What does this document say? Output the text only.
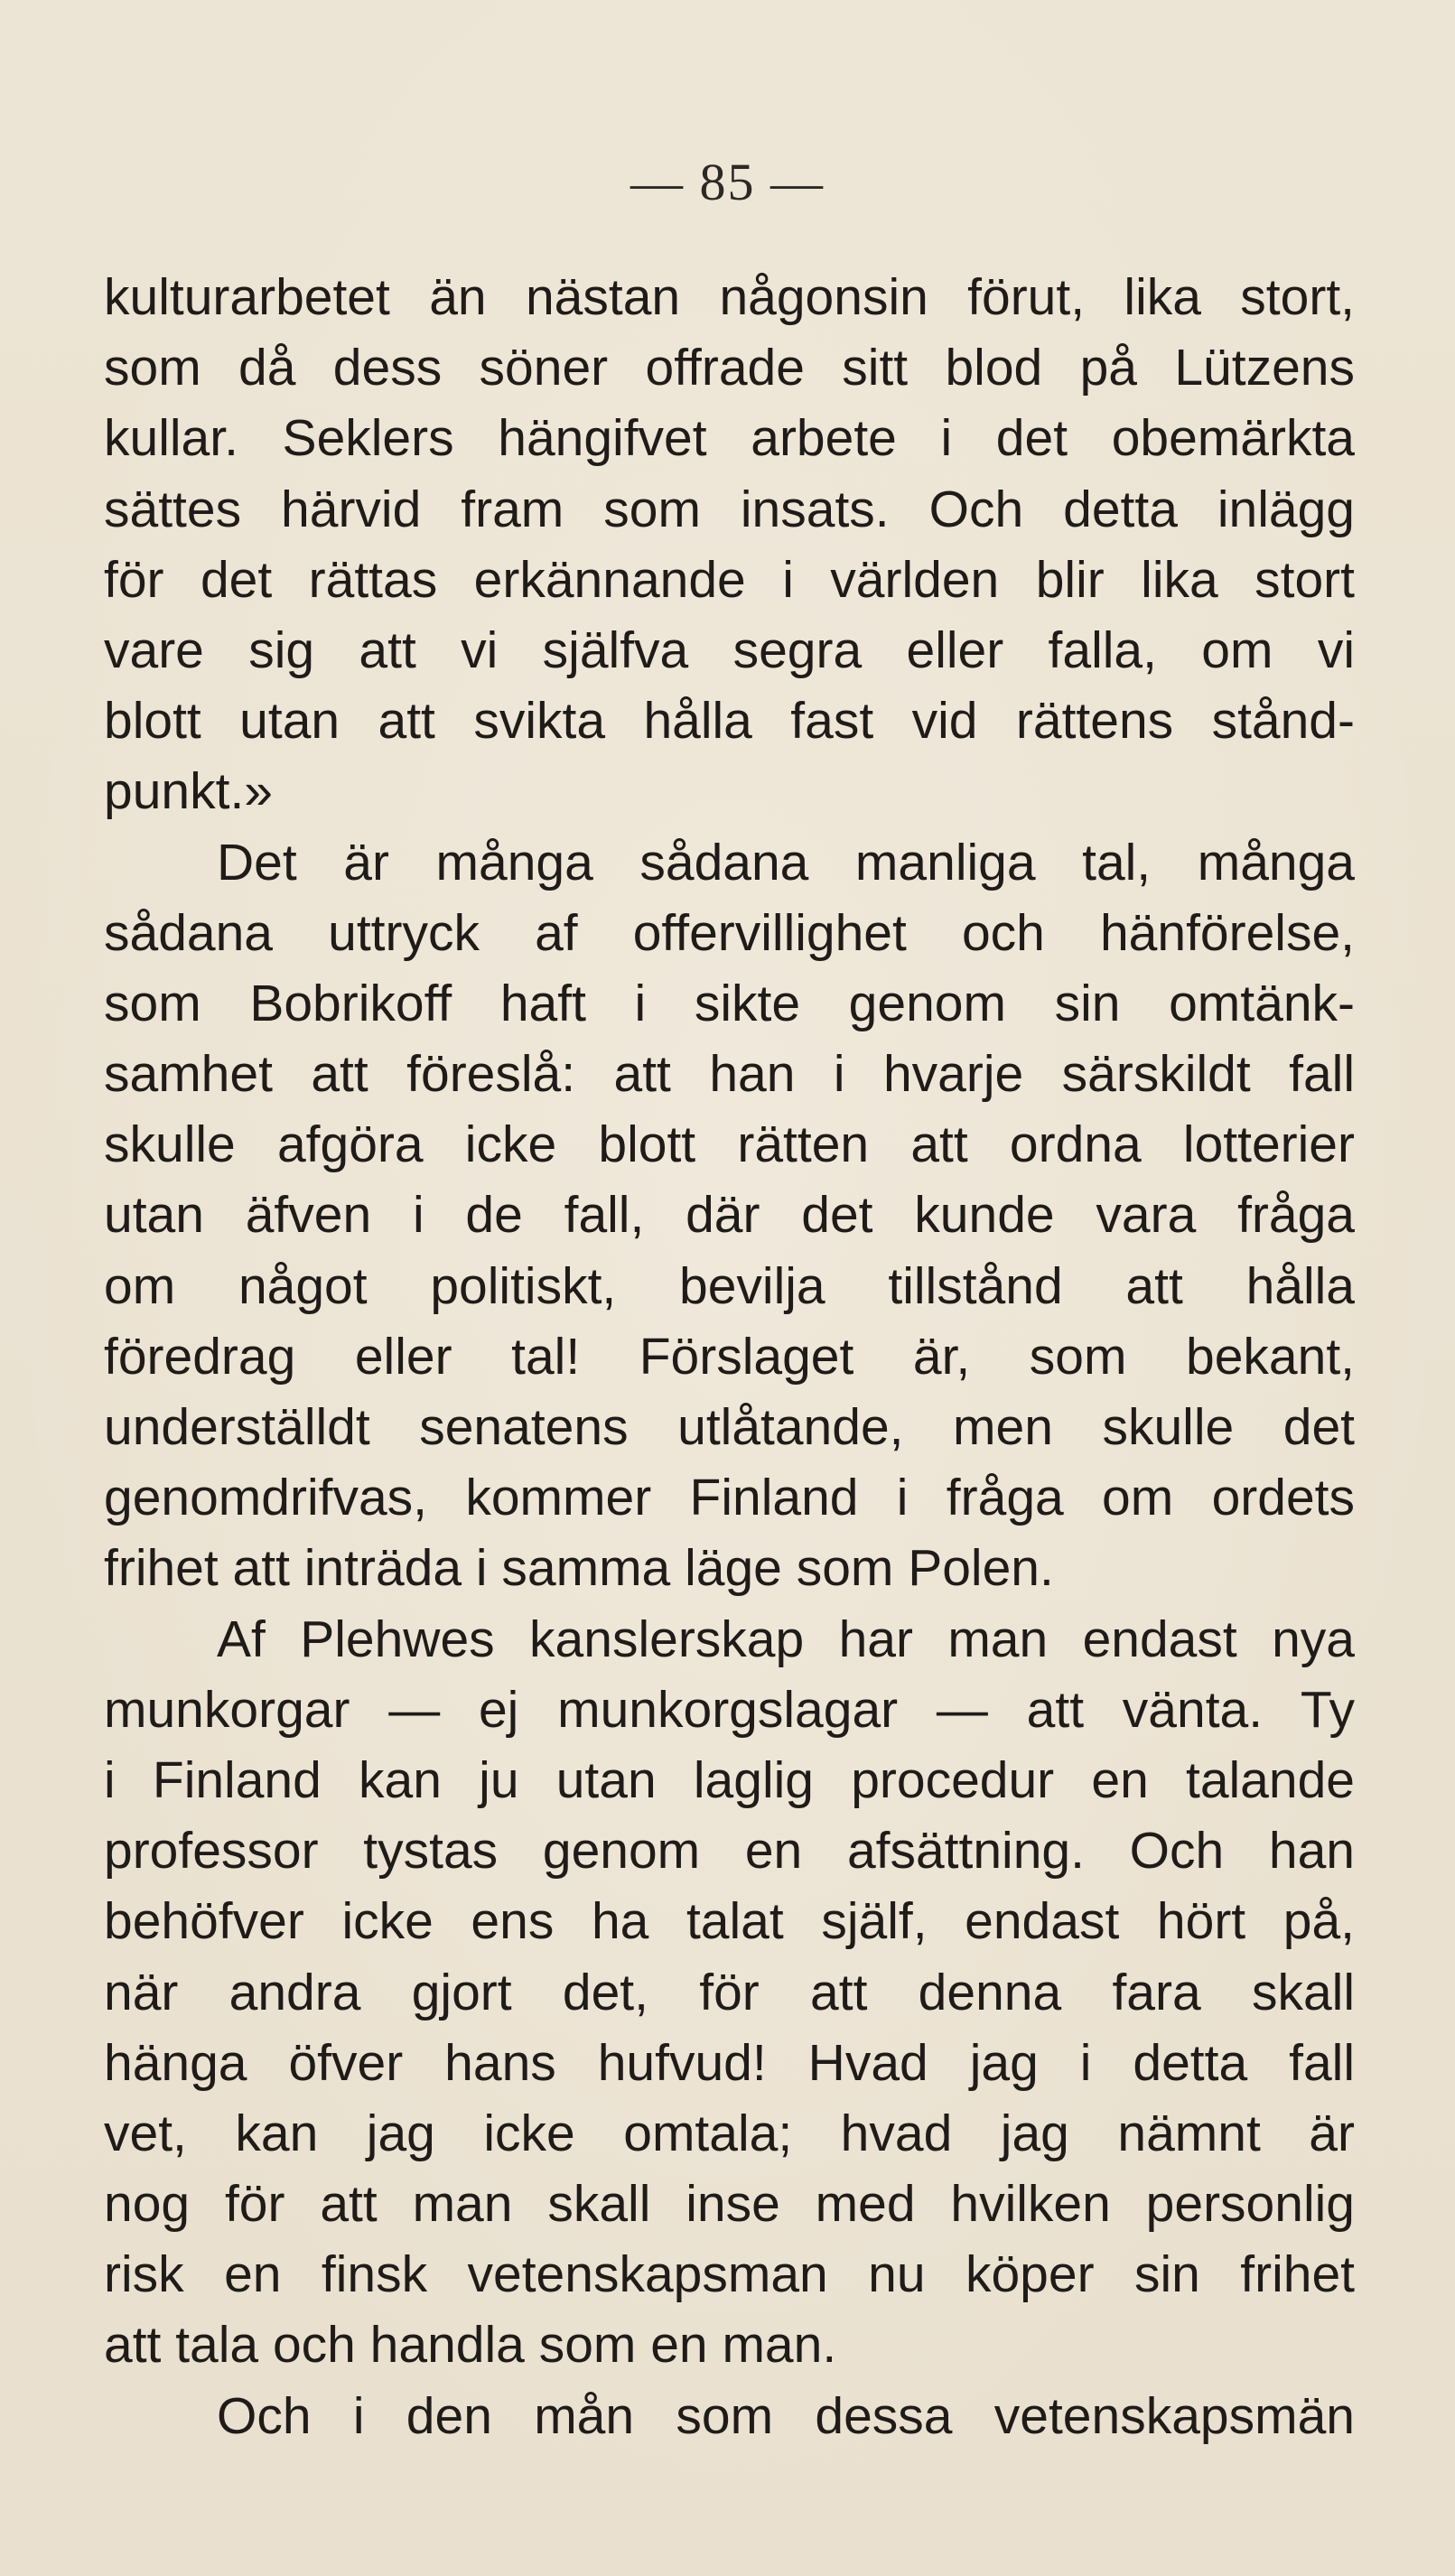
— 85 —
kulturarbetet än nästan någonsin förut, lika stort,
som då dess söner offrade sitt blod på Lützens
kullar. Seklers hängifvet arbete i det obemärkta
sättes härvid fram som insats. Och detta inlägg
för det rättas erkännande i världen blir lika stort
vare sig att vi själfva segra eller falla, om vi
blott utan att svikta hålla fast vid rättens stånd-
punkt.»
Det är många sådana manliga tal, många
sådana uttryck af offervillighet och hänförelse,
som Bobrikoff haft i sikte genom sin omtänk-
samhet att föreslå: att han i hvarje särskildt fall
skulle afgöra icke blott rätten att ordna lotterier
utan äfven i de fall, där det kunde vara fråga
om något politiskt, bevilja tillstånd att hålla
föredrag eller tal! Förslaget är, som bekant,
underställdt senatens utlåtande, men skulle det
genomdrifvas, kommer Finland i fråga om ordets
frihet att inträda i samma läge som Polen.
Af Plehwes kanslerskap har man endast nya
munkorgar — ej munkorgslagar — att vänta. Ty
i Finland kan ju utan laglig procedur en talande
professor tystas genom en afsättning. Och han
behöfver icke ens ha talat själf, endast hört på,
när andra gjort det, för att denna fara skall
hänga öfver hans hufvud! Hvad jag i detta fall
vet, kan jag icke omtala; hvad jag nämnt är
nog för att man skall inse med hvilken personlig
risk en finsk vetenskapsman nu köper sin frihet
att tala och handla som en man.
Och i den mån som dessa vetenskapsmän
